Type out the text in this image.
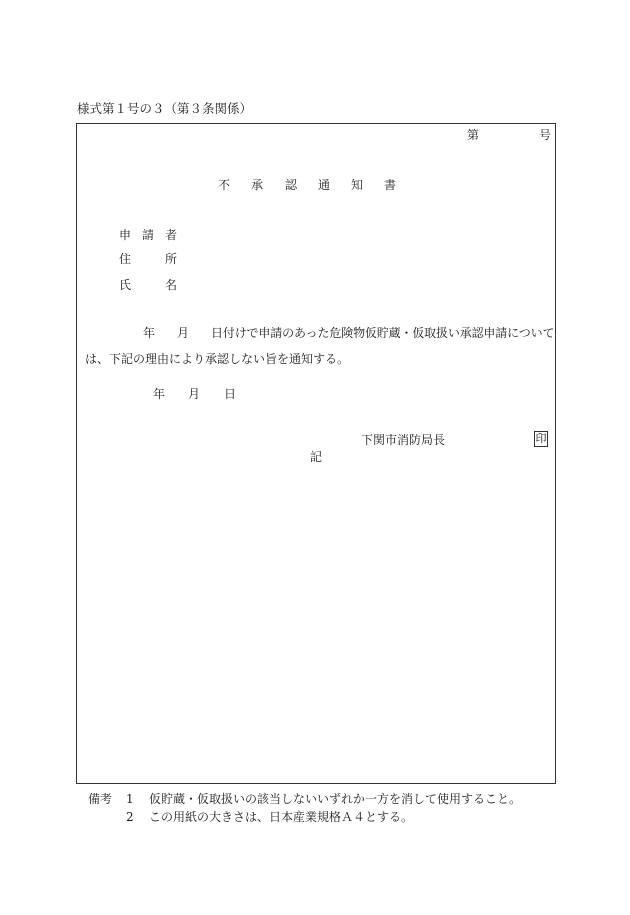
様式第１号の３（第３条関係）
第	号
不 承 認 通 知 書
申 請 者
住	所
氏	名
年 月 日付けで申請のあった危険物仮貯蔵・仮取扱い承認申請について
は、下記の理由により承認しない旨を通知する。
年 月 日
下関市消防局長	印
記
備考 1 仮貯蔵・仮取扱いの該当しないいずれか一方を消して使用すること。
2 この用紙の大きさは、日本産業規格Ａ４とする。
